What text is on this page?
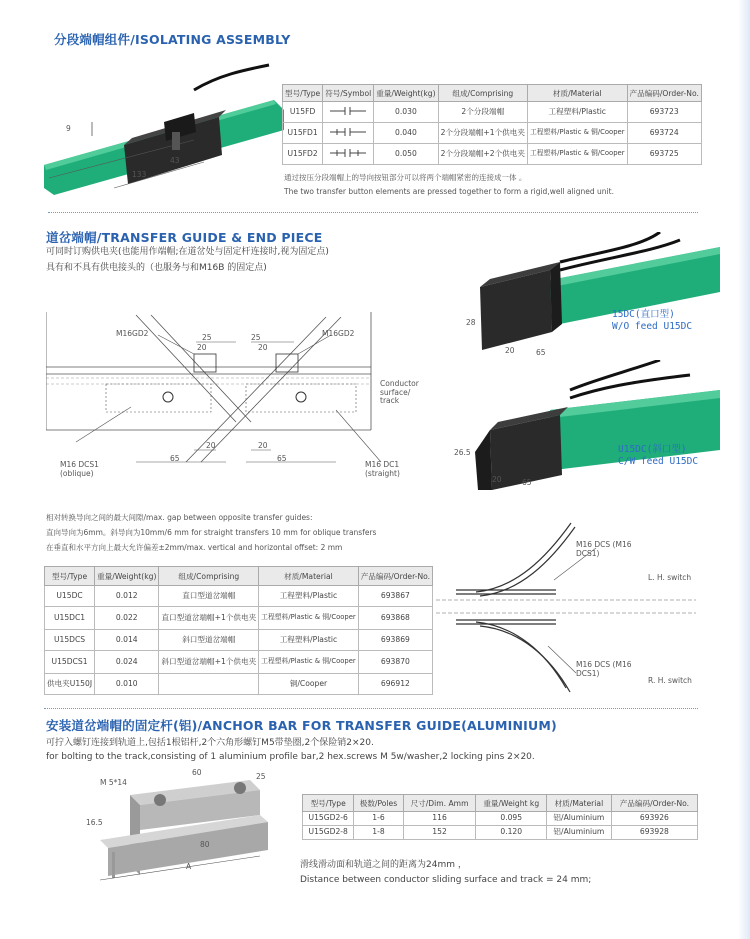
分段端帽组件/ISOLATING ASSEMBLY
9
43
133
型号/Type	符号/Symbol	重量/Weight(kg)	组成/Comprising	材质/Material	产品编码/Order-No.
U15FD		0.030	2个分段端帽	工程塑料/Plastic	693723
U15FD1		0.040	2个分段端帽+1个供电夹	工程塑料/Plastic & 铜/Cooper	693724
U15FD2		0.050	2个分段端帽+2个供电夹	工程塑料/Plastic & 铜/Cooper	693725
通过按压分段端帽上的导向按钮部分可以将两个端帽紧密的连接成一体 。
The two transfer button elements are pressed together to form a rigid,well aligned unit.
道岔端帽/TRANSFER GUIDE & END PIECE
可同时订购供电夹(也能用作端帽;在道岔处与固定杆连接时,视为固定点)
具有和不具有供电接头的（也服务与和M16B 的固定点)
M16GD2	M16GD2
25	25
20	20
Conductor surface/ track
20	20
65	65
M16 DCS1 (oblique)
M16 DC1 (straight)
28
20	65
15DC(直口型)
W/O feed U15DC
26.5
20	65
U15DC(斜口型)
C/W feed U15DC
相对转换导向之间的最大间隙/max. gap between opposite transfer guides:
直向导向为6mm。斜导向为10mm/6 mm for straight transfers 10 mm for oblique transfers
在垂直和水平方向上最大允许偏差±2mm/max. vertical and horizontal offset: 2 mm
型号/Type	重量/Weight(kg)	组成/Comprising	材质/Material	产品编码/Order-No.
U15DC	0.012	直口型道岔端帽	工程塑料/Plastic	693867
U15DC1	0.022	直口型道岔端帽+1个供电夹	工程塑料/Plastic & 铜/Cooper	693868
U15DCS	0.014	斜口型道岔端帽	工程塑料/Plastic	693869
U15DCS1	0.024	斜口型道岔端帽+1个供电夹	工程塑料/Plastic & 铜/Cooper	693870
供电夹U150J	0.010		铜/Cooper	696912
M16 DCS (M16 DCS1)
L. H. switch
M16 DCS (M16 DCS1)
R. H. switch
安装道岔端帽的固定杆(铝)/ANCHOR BAR FOR TRANSFER GUIDE(ALUMINIUM)
可拧入螺钉连接到轨道上,包括1根铝杆,2个六角形螺钉M5带垫圈,2个保险销2×20.
for bolting to the track,consisting of 1 aluminium profile bar,2 hex.screws M 5w/washer,2 locking pins 2×20.
M 5*14
60	25
16.5
80
A
型号/Type	极数/Poles	尺寸/Dim. Amm	重量/Weight kg	材质/Material	产品编码/Order-No.
U15GD2-6	1-6	116	0.095	铝/Aluminium	693926
U15GD2-8	1-8	152	0.120	铝/Aluminium	693928
滑线滑动面和轨道之间的距离为24mm ，
Distance between conductor sliding surface and track = 24 mm;
